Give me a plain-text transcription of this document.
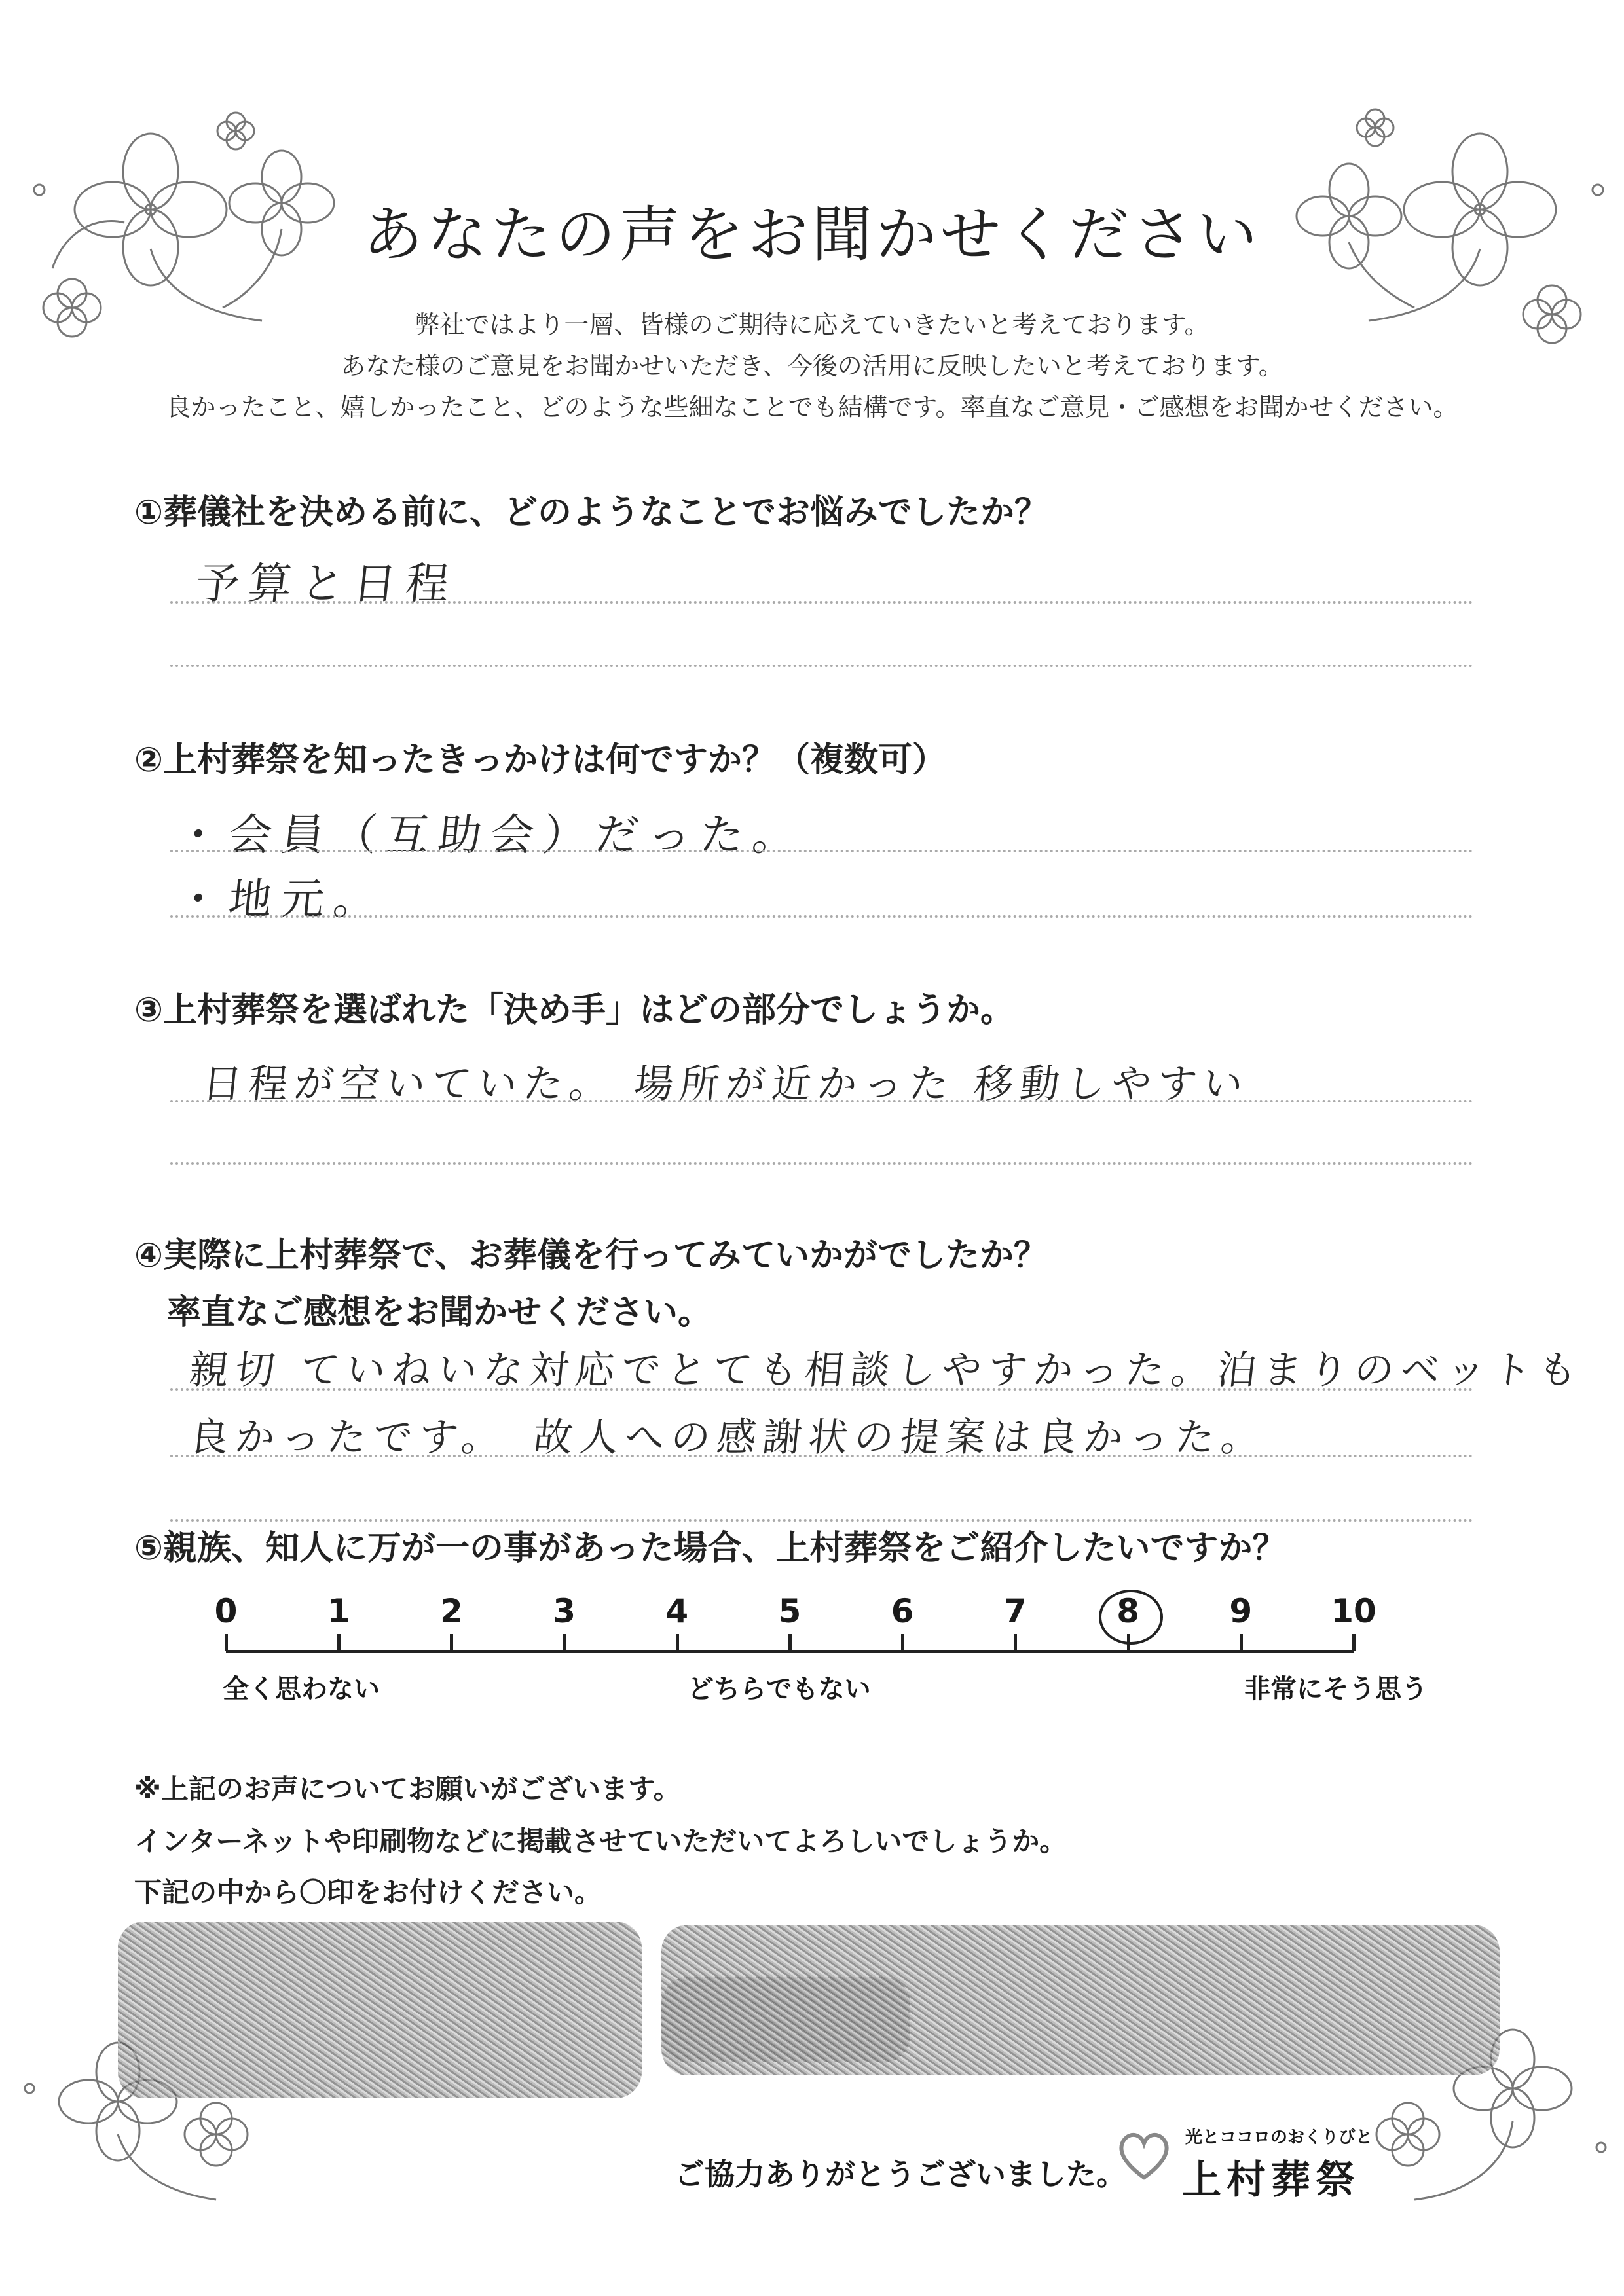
あなたの声をお聞かせください
弊社ではより一層、皆様のご期待に応えていきたいと考えております。
あなた様のご意見をお聞かせいただき、今後の活用に反映したいと考えております。
良かったこと、嬉しかったこと、どのような些細なことでも結構です。率直なご意見・ご感想をお聞かせください。
①葬儀社を決める前に、どのようなことでお悩みでしたか？
予算と日程
②上村葬祭を知ったきっかけは何ですか？（複数可）
・会員（互助会）だった。
・地元。
③上村葬祭を選ばれた「決め手」はどの部分でしょうか。
日程が空いていた。 場所が近かった 移動しやすい
④実際に上村葬祭で、お葬儀を行ってみていかがでしたか？
率直なご感想をお聞かせください。
親切 ていねいな対応でとても相談しやすかった。泊まりのベットも
良かったです。　故人への感謝状の提案は良かった。
⑤親族、知人に万が一の事があった場合、上村葬祭をご紹介したいですか？
0	1	2	3	4	5	6	7	8	9	10
全く思わない	どちらでもない	非常にそう思う
※上記のお声についてお願いがございます。
インターネットや印刷物などに掲載させていただいてよろしいでしょうか。
下記の中から〇印をお付けください。
ご協力ありがとうございました。
光とココロのおくりびと
上村葬祭
